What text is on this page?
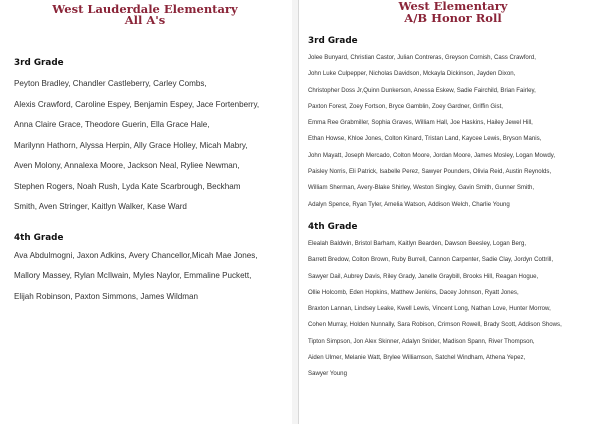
West Lauderdale Elementary
All A's
3rd Grade
Peyton Bradley, Chandler Castleberry, Carley Combs,
Alexis Crawford, Caroline Espey, Benjamin Espey, Jace Fortenberry,
Anna Claire Grace, Theodore Guerin, Ella Grace Hale,
Marilynn Hathorn, Alyssa Herpin, Ally Grace Holley, Micah Mabry,
Aven Molony, Annalexa Moore, Jackson Neal, Ryliee Newman,
Stephen Rogers, Noah Rush, Lyda Kate Scarbrough, Beckham
Smith, Aven Stringer, Kaitlyn Walker, Kase Ward
4th Grade
Ava Abdulmogni, Jaxon Adkins, Avery Chancellor,Micah Mae Jones,
Mallory Massey, Rylan McIlwain, Myles Naylor, Emmaline Puckett,
Elijah Robinson, Paxton Simmons, James Wildman
West Elementary
A/B Honor Roll
3rd Grade
Jolee Bunyard, Christian Castor, Julian Contreras, Greyson Cornish, Cass Crawford,
John Luke Culpepper, Nicholas Davidson, Mckayla Dickinson, Jayden Dixon,
Christopher Doss Jr,Quinn Dunkerson, Anessa Eskew, Sadie Fairchild, Brian Fairley,
Paxton Forest, Zoey Fortson, Bryce Gamblin, Zoey Gardner, Griffin Gist,
Emma Ree Grabmiller, Sophia Graves, William Hall, Joe Haskins, Hailey Jewel Hill,
Ethan Howse, Khloe Jones, Colton Kinard, Tristan Land, Kaycee Lewis, Bryson Manis,
John Mayatt, Joseph Mercado, Colton Moore, Jordan Moore, James Mosley, Logan Mowdy,
Paisley Norris, Eli Patrick, Isabelle Perez, Sawyer Pounders, Olivia Reid, Austin Reynolds,
William Sherman, Avery-Blake Shirley, Weston Singley, Gavin Smith, Gunner Smith,
Adalyn Spence, Ryan Tyler, Amelia Watson, Addison Welch, Charlie Young
4th Grade
Elealah Baldwin, Bristol Barham, Kaitlyn Bearden, Dawson Beesley, Logan Berg,
Barrett Bredow, Colton Brown, Ruby Burrell, Cannon Carpenter, Sadie Clay, Jordyn Cottrill,
Sawyer Dail, Aubrey Davis, Riley Grady, Janelle Graybill, Brooks Hill, Reagan Hogue,
Ollie Holcomb, Eden Hopkins, Matthew Jenkins, Dacey Johnson, Ryatt Jones,
Braxton Lannan, Lindsey Leake, Kwell Lewis, Vincent Long, Nathan Love, Hunter Morrow,
Cohen Murray, Holden Nunnally, Sara Robison, Crimson Rowell, Brady Scott, Addison Shows,
Tipton Simpson, Jon Alex Skinner, Adalyn Snider, Madison Spann, River Thompson,
Aiden Ulmer, Melanie Watt, Brylee Williamson, Satchel Windham, Athena Yepez,
Sawyer Young
